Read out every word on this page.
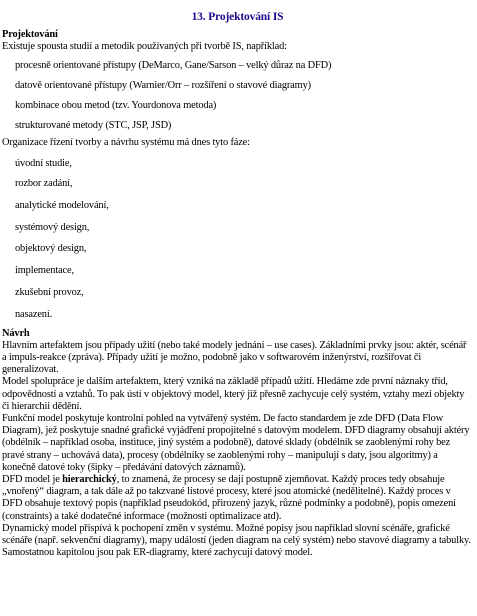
13. Projektování IS
Projektování

Existuje spousta studií a metodik používaných při tvorbě IS, například:

procesně orientované přístupy (DeMarco, Gane/Sarson – velký důraz na DFD)
datově orientované přístupy (Warnier/Orr – rozšíření o stavové diagramy)
kombinace obou metod (tzv. Yourdonova metoda)
strukturované metody (STC, JSP, JSD)

Organizace řízení tvorby a návrhu systému má dnes tyto fáze:

úvodní studie,
rozbor zadání,
analytické modelování,
systémový design,
objektový design,
implementace,
zkušební provoz,
nasazení.
Návrh

Hlavním artefaktem jsou případy užití (nebo také modely jednání – use cases). Základními prvky jsou: aktér, scénář a impuls-reakce (zpráva). Případy užití je možno, podobně jako v softwarovém inženýrství, rozšiřovat či generalizovat.

Model spolupráce je dalším artefaktem, který vzniká na základě případů užití. Hledáme zde první náznaky tříd, odpovědností a vztahů. To pak ústí v objektový model, který již přesně zachycuje celý systém, vztahy mezi objekty či hierarchii dědění.

Funkční model poskytuje kontrolní pohled na vytvářený systém. De facto standardem je zde DFD (Data Flow Diagram), jež poskytuje snadné grafické vyjádření propojitelné s datovým modelem. DFD diagramy obsahují aktéry (obdélník – například osoba, instituce, jiný systém a podobně), datové sklady (obdélník se zaoblenými rohy bez pravé strany – uchovává data), procesy (obdélníky se zaoblenými rohy – manipulují s daty, jsou algoritmy) a konečně datové toky (šipky – předávání datových záznamů).

DFD model je hierarchický, to znamená, že procesy se dají postupně zjemňovat. Každý proces tedy obsahuje „vnořený“ diagram, a tak dále až po takzvané listové procesy, které jsou atomické (nedělitelné). Každý proces v DFD obsahuje textový popis (například pseudokód, přirozený jazyk, různé podmínky a podobně), popis omezení (constraints) a také dodatečné informace (možnosti optimalizace atd).

Dynamický model přispívá k pochopení změn v systému. Možné popisy jsou například slovní scénáře, grafické scénáře (např. sekvenční diagramy), mapy událostí (jeden diagram na celý systém) nebo stavové diagramy a tabulky. Samostatnou kapitolou jsou pak ER-diagramy, které zachycují datový model.
